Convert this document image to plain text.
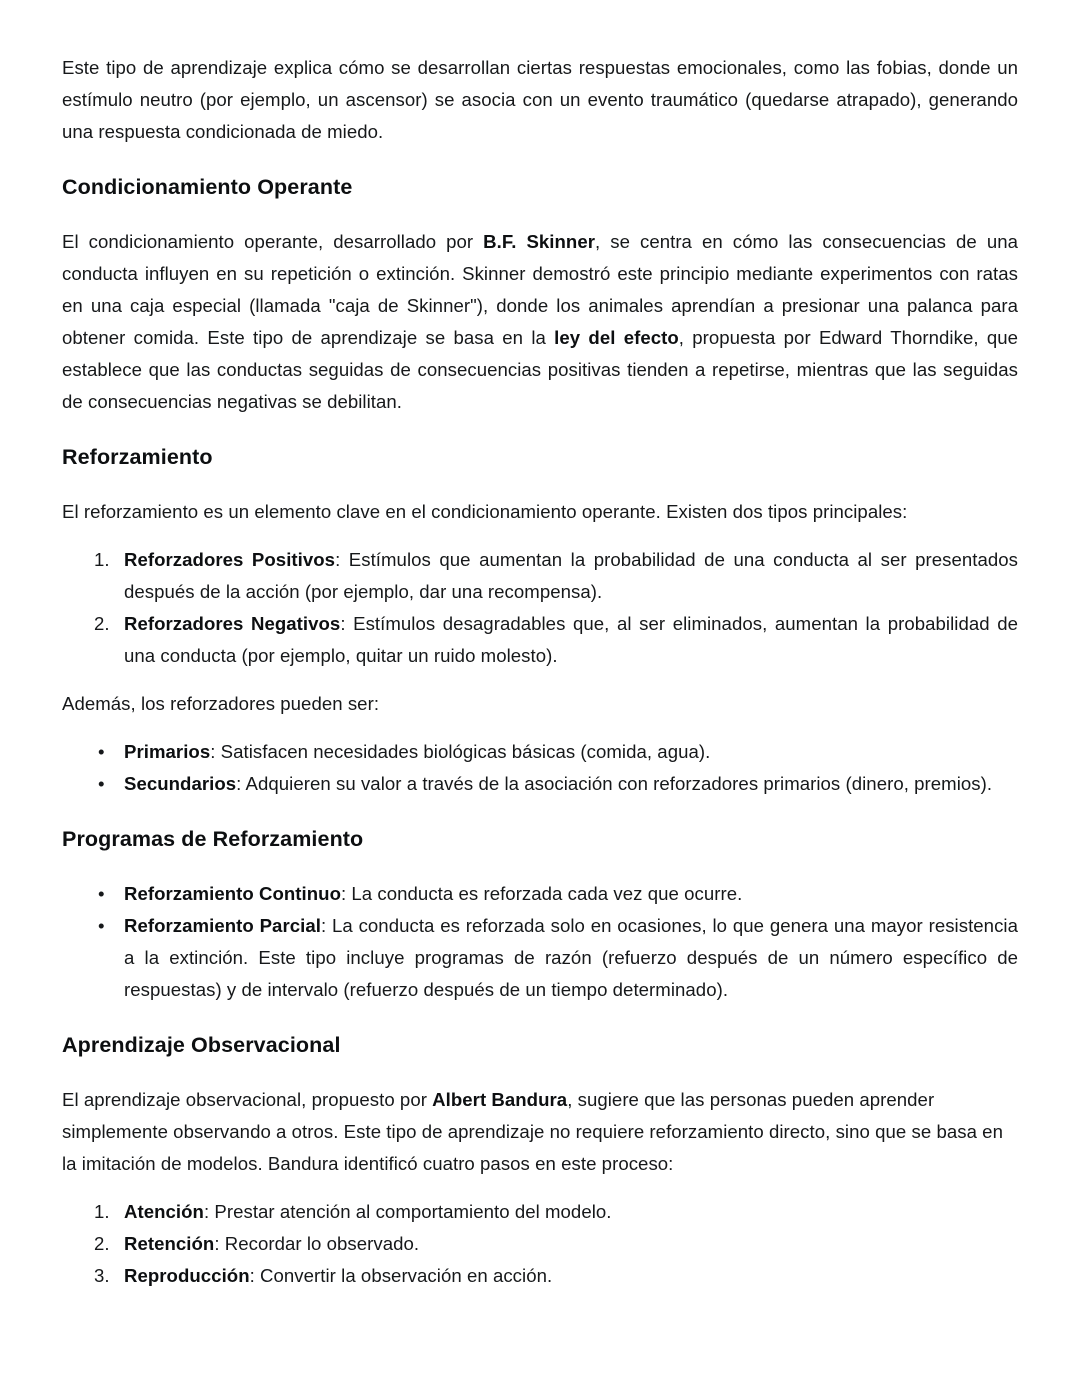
Este tipo de aprendizaje explica cómo se desarrollan ciertas respuestas emocionales, como las fobias, donde un estímulo neutro (por ejemplo, un ascensor) se asocia con un evento traumático (quedarse atrapado), generando una respuesta condicionada de miedo.

Condicionamiento Operante

El condicionamiento operante, desarrollado por B.F. Skinner, se centra en cómo las consecuencias de una conducta influyen en su repetición o extinción. Skinner demostró este principio mediante experimentos con ratas en una caja especial (llamada "caja de Skinner"), donde los animales aprendían a presionar una palanca para obtener comida. Este tipo de aprendizaje se basa en la ley del efecto, propuesta por Edward Thorndike, que establece que las conductas seguidas de consecuencias positivas tienden a repetirse, mientras que las seguidas de consecuencias negativas se debilitan.

Reforzamiento

El reforzamiento es un elemento clave en el condicionamiento operante. Existen dos tipos principales:

1. Reforzadores Positivos: Estímulos que aumentan la probabilidad de una conducta al ser presentados después de la acción (por ejemplo, dar una recompensa).
2. Reforzadores Negativos: Estímulos desagradables que, al ser eliminados, aumentan la probabilidad de una conducta (por ejemplo, quitar un ruido molesto).

Además, los reforzadores pueden ser:

•	Primarios: Satisfacen necesidades biológicas básicas (comida, agua).
•	Secundarios: Adquieren su valor a través de la asociación con reforzadores primarios (dinero, premios).
Programas de Reforzamiento
•	Reforzamiento Continuo: La conducta es reforzada cada vez que ocurre.
•	Reforzamiento Parcial: La conducta es reforzada solo en ocasiones, lo que genera una mayor resistencia a la extinción. Este tipo incluye programas de razón (refuerzo después de un número específico de respuestas) y de intervalo (refuerzo después de un tiempo determinado).
Aprendizaje Observacional

El aprendizaje observacional, propuesto por Albert Bandura, sugiere que las personas pueden aprender simplemente observando a otros. Este tipo de aprendizaje no requiere reforzamiento directo, sino que se basa en la imitación de modelos. Bandura identificó cuatro pasos en este proceso:

1. Atención: Prestar atención al comportamiento del modelo.
2. Retención: Recordar lo observado.
3. Reproducción: Convertir la observación en acción.
